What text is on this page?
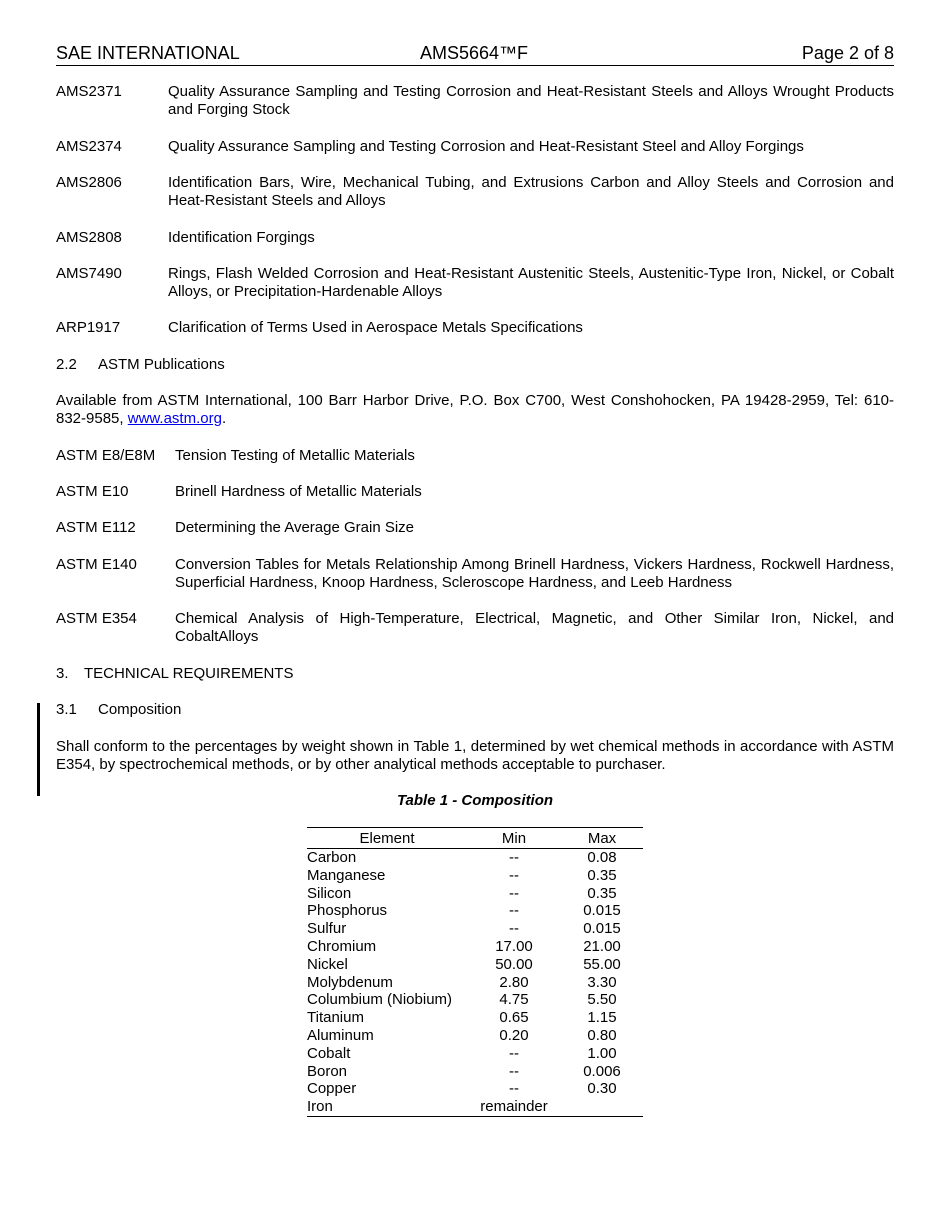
SAE INTERNATIONAL	AMS5664™F	Page 2 of 8
AMS2371	Quality Assurance Sampling and Testing Corrosion and Heat-Resistant Steels and Alloys Wrought Products and Forging Stock
AMS2374	Quality Assurance Sampling and Testing Corrosion and Heat-Resistant Steel and Alloy Forgings
AMS2806	Identification Bars, Wire, Mechanical Tubing, and Extrusions Carbon and Alloy Steels and Corrosion and Heat-Resistant Steels and Alloys
AMS2808	Identification Forgings
AMS7490	Rings, Flash Welded Corrosion and Heat-Resistant Austenitic Steels, Austenitic-Type Iron, Nickel, or Cobalt Alloys, or Precipitation-Hardenable Alloys
ARP1917	Clarification of Terms Used in Aerospace Metals Specifications
2.2 ASTM Publications
Available from ASTM International, 100 Barr Harbor Drive, P.O. Box C700, West Conshohocken, PA 19428-2959, Tel: 610-832-9585, www.astm.org.
ASTM E8/E8M Tension Testing of Metallic Materials
ASTM E10	Brinell Hardness of Metallic Materials
ASTM E112	Determining the Average Grain Size
ASTM E140	Conversion Tables for Metals Relationship Among Brinell Hardness, Vickers Hardness, Rockwell Hardness, Superficial Hardness, Knoop Hardness, Scleroscope Hardness, and Leeb Hardness
ASTM E354	Chemical Analysis of High-Temperature, Electrical, Magnetic, and Other Similar Iron, Nickel, and CobaltAlloys
3. TECHNICAL REQUIREMENTS
3.1 Composition
Shall conform to the percentages by weight shown in Table 1, determined by wet chemical methods in accordance with ASTM E354, by spectrochemical methods, or by other analytical methods acceptable to purchaser.
Table 1 - Composition
Element	Min	Max
Carbon	--	0.08
Manganese	--	0.35
Silicon	--	0.35
Phosphorus	--	0.015
Sulfur	--	0.015
Chromium	17.00	21.00
Nickel	50.00	55.00
Molybdenum	2.80	3.30
Columbium (Niobium)	4.75	5.50
Titanium	0.65	1.15
Aluminum	0.20	0.80
Cobalt	--	1.00
Boron	--	0.006
Copper	--	0.30
Iron	remainder
